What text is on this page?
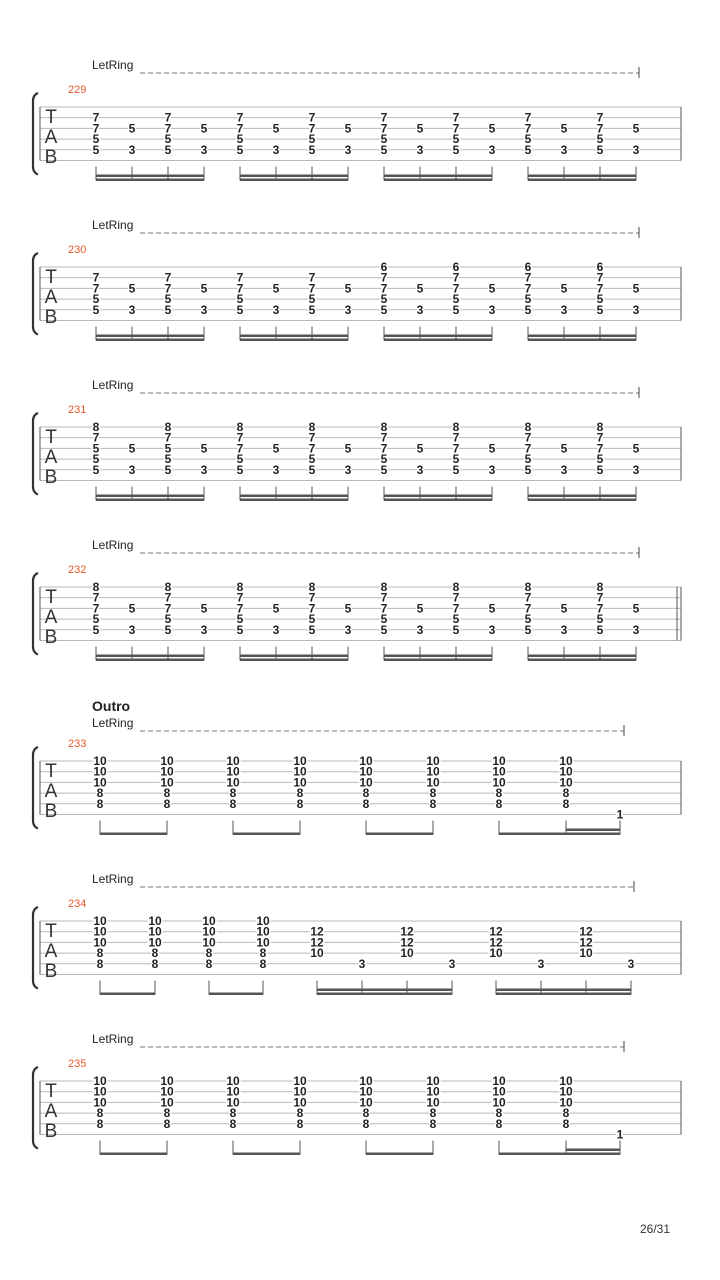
LetRing
229
T
A
B
7
7
5
5
5
3
7
7
5
5
5
3
7
7
5
5
5
3
7
7
5
5
5
3
7
7
5
5
5
3
7
7
5
5
5
3
7
7
5
5
5
3
7
7
5
5
5
3
LetRing
230
T
A
B
7
7
5
5
5
3
7
7
5
5
5
3
7
7
5
5
5
3
7
7
5
5
5
3
6
7
7
5
5
5
3
6
7
7
5
5
5
3
6
7
7
5
5
5
3
6
7
7
5
5
5
3
LetRing
231
T
A
B
8
7
5
5
5
5
3
8
7
5
5
5
5
3
8
7
7
5
5
5
3
8
7
7
5
5
5
3
8
7
7
5
5
5
3
8
7
7
5
5
5
3
8
7
7
5
5
5
3
8
7
7
5
5
5
3
LetRing
232
T
A
B
8
7
7
5
5
5
3
8
7
7
5
5
5
3
8
7
7
5
5
5
3
8
7
7
5
5
5
3
8
7
7
5
5
5
3
8
7
7
5
5
5
3
8
7
7
5
5
5
3
8
7
7
5
5
5
3
Outro
LetRing
233
T
A
B
10
10
10
8
8
10
10
10
8
8
10
10
10
8
8
10
10
10
8
8
10
10
10
8
8
10
10
10
8
8
10
10
10
8
8
10
10
10
8
8
1
LetRing
234
T
A
B
10
10
10
8
8
10
10
10
8
8
10
10
10
8
8
10
10
10
8
8
12
12
10
3
12
12
10
3
12
12
10
3
12
12
10
3
LetRing
235
T
A
B
10
10
10
8
8
10
10
10
8
8
10
10
10
8
8
10
10
10
8
8
10
10
10
8
8
10
10
10
8
8
10
10
10
8
8
10
10
10
8
8
1
26/31
